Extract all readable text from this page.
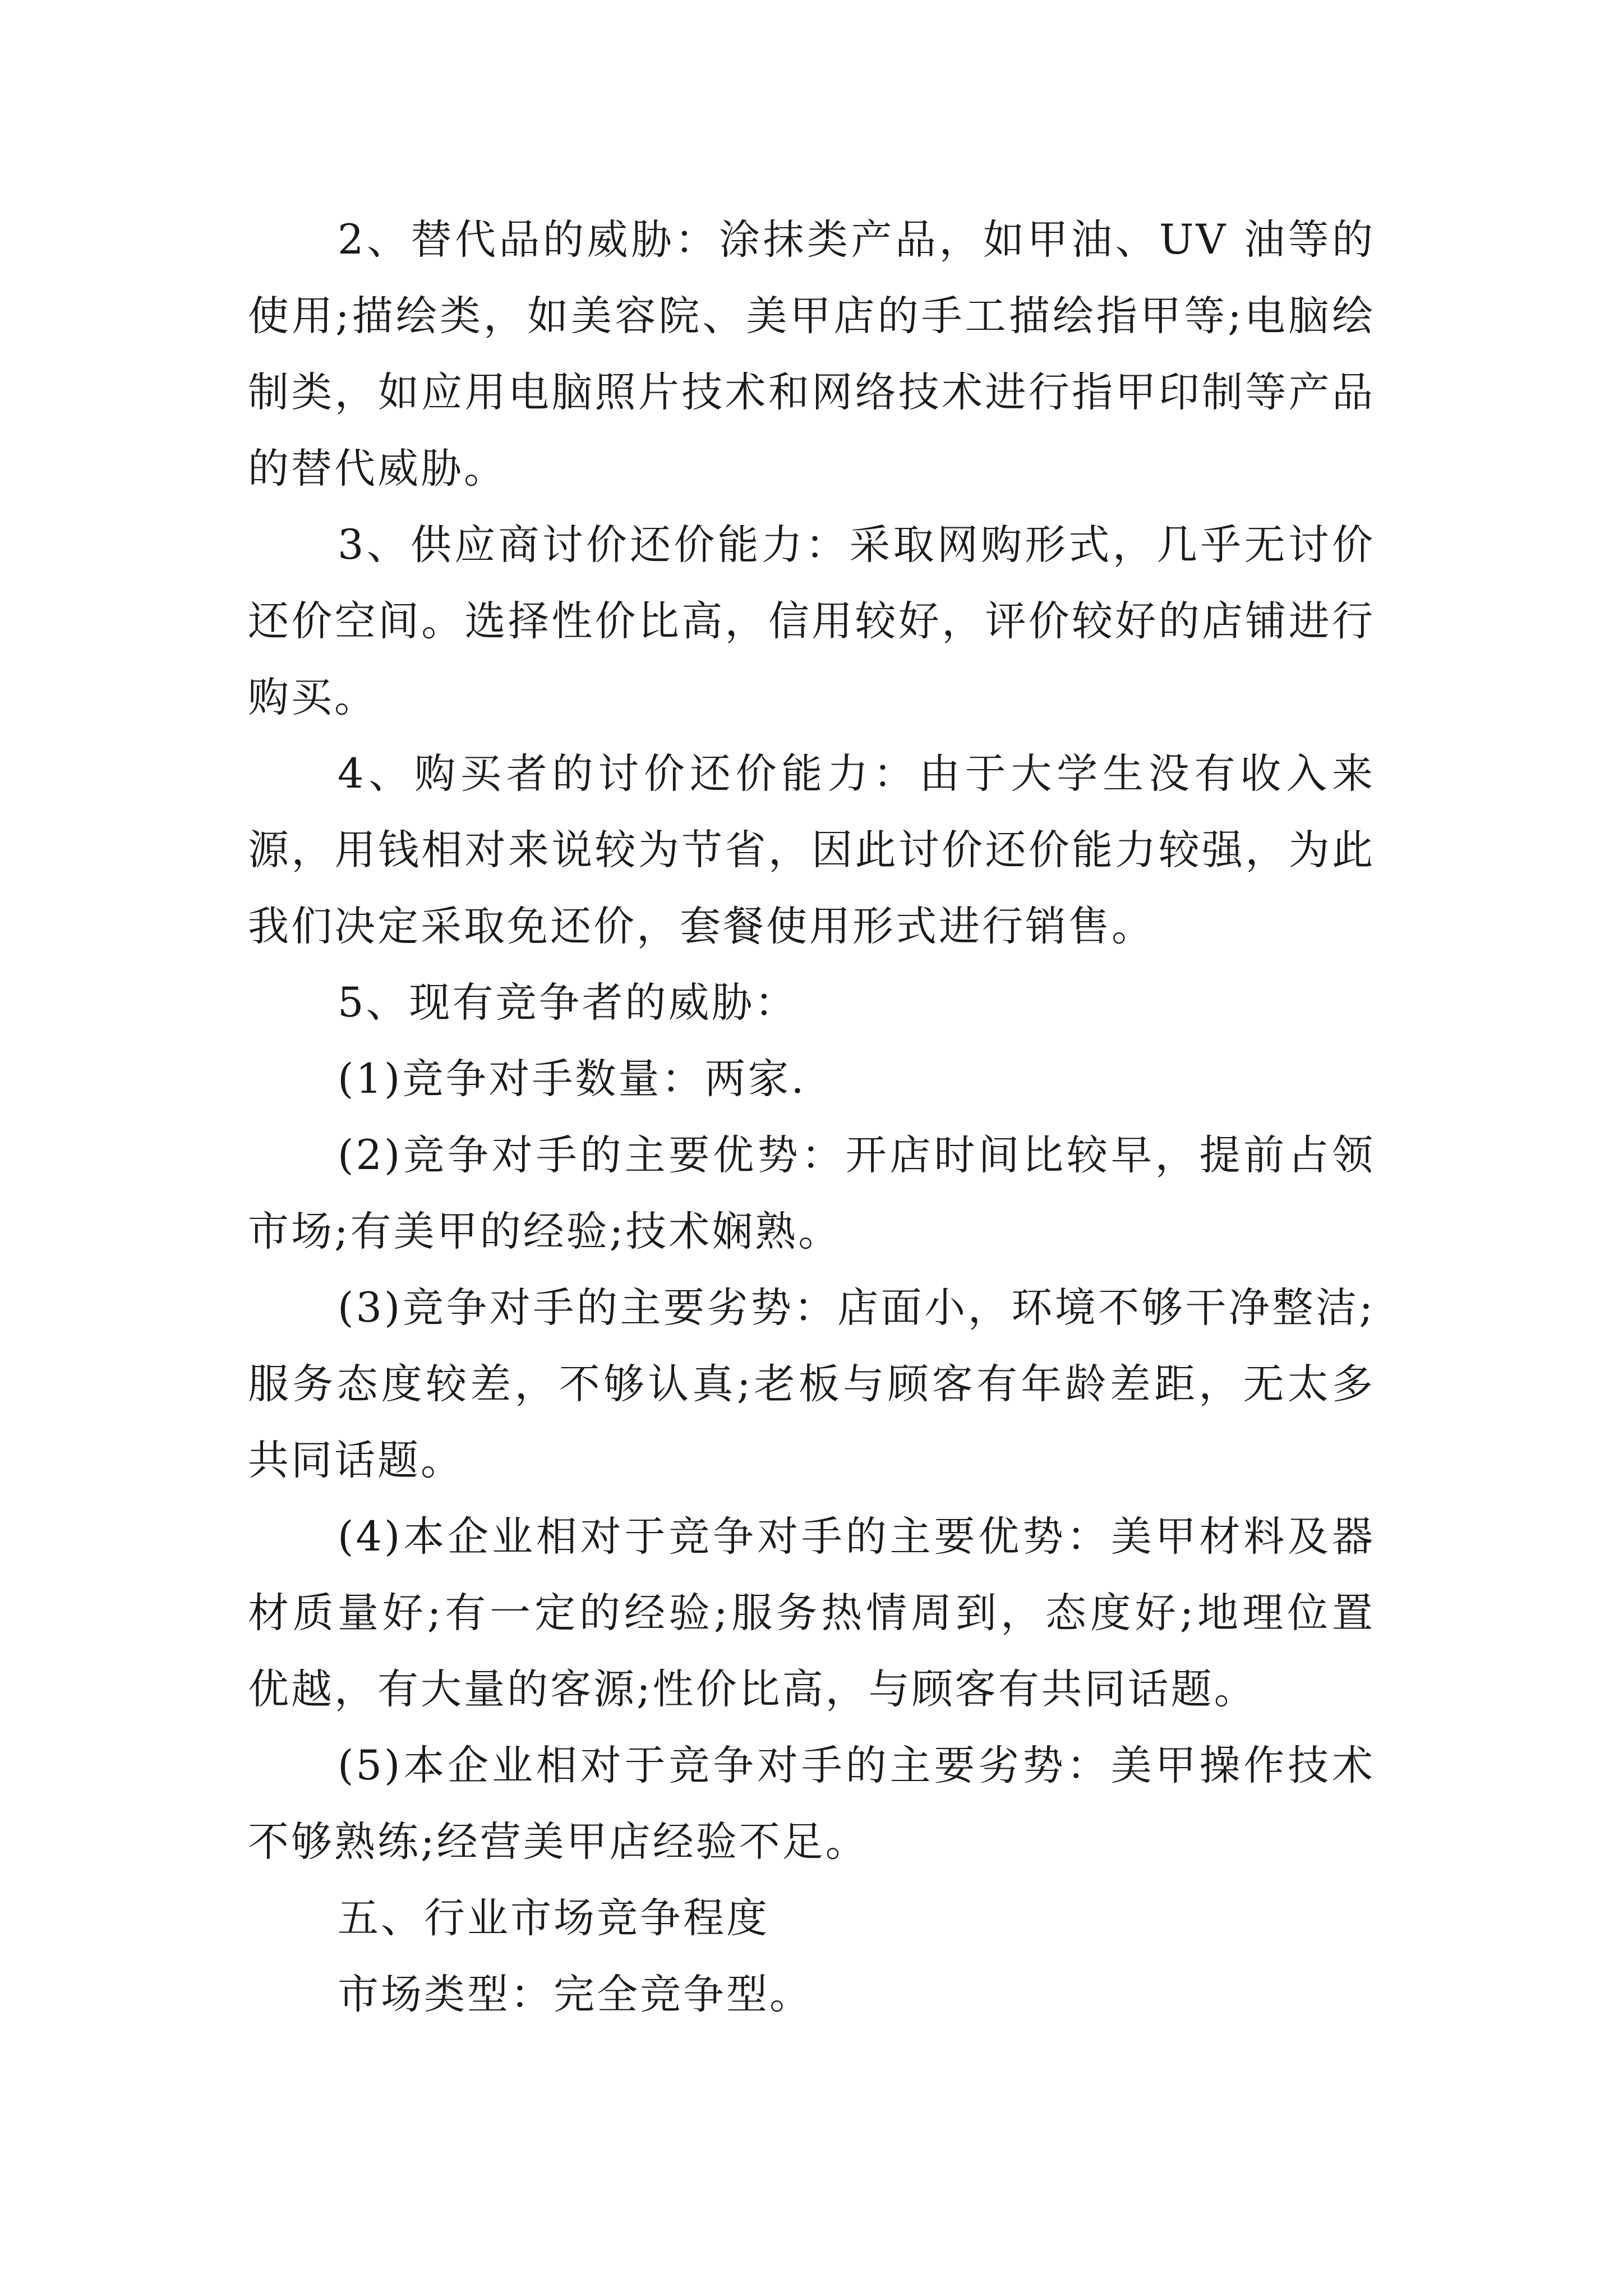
2、替代品的威胁：涂抹类产品，如甲油、UV 油等的使用;描绘类，如美容院、美甲店的手工描绘指甲等;电脑绘制类，如应用电脑照片技术和网络技术进行指甲印制等产品的替代威胁。

3、供应商讨价还价能力：采取网购形式，几乎无讨价还价空间。选择性价比高，信用较好，评价较好的店铺进行购买。

4、购买者的讨价还价能力：由于大学生没有收入来源，用钱相对来说较为节省，因此讨价还价能力较强，为此我们决定采取免还价，套餐使用形式进行销售。

5、现有竞争者的威胁：

(1)竞争对手数量：两家.

(2)竞争对手的主要优势：开店时间比较早，提前占领市场;有美甲的经验;技术娴熟。

(3)竞争对手的主要劣势：店面小，环境不够干净整洁;服务态度较差，不够认真;老板与顾客有年龄差距，无太多共同话题。

(4)本企业相对于竞争对手的主要优势：美甲材料及器材质量好;有一定的经验;服务热情周到，态度好;地理位置优越，有大量的客源;性价比高，与顾客有共同话题。

(5)本企业相对于竞争对手的主要劣势：美甲操作技术不够熟练;经营美甲店经验不足。

五、行业市场竞争程度

市场类型：完全竞争型。
